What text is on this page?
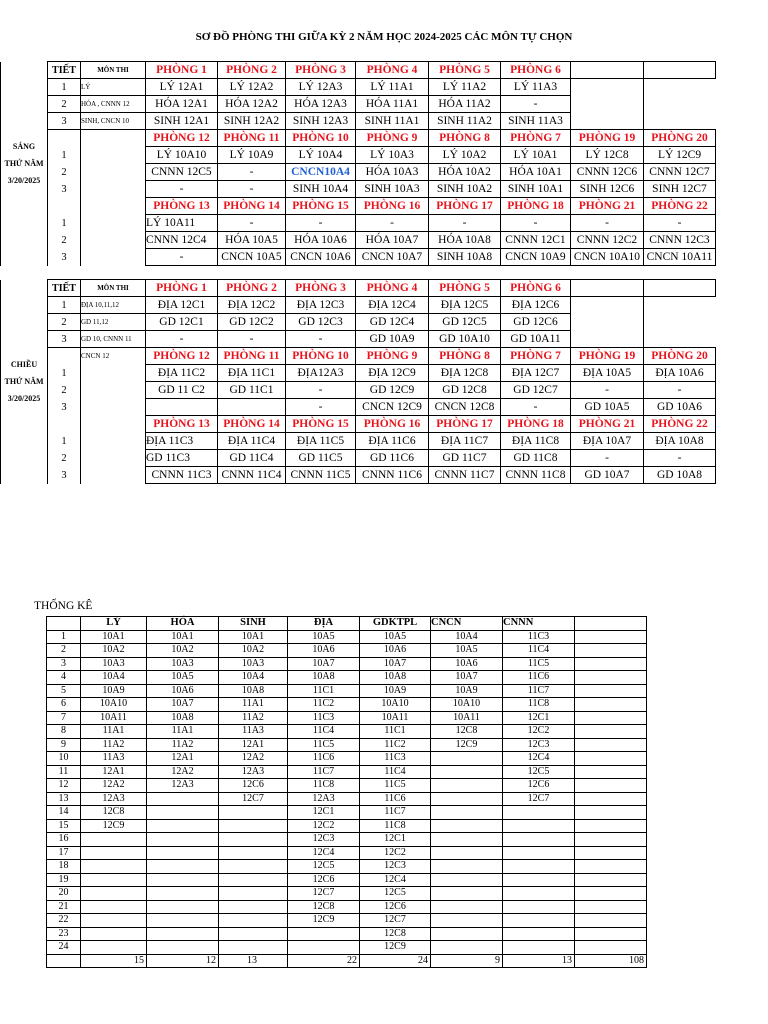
SƠ ĐỒ PHÒNG THI GIỮA KỲ 2 NĂM HỌC 2024-2025 CÁC MÔN TỰ CHỌN
	TIẾT	MÔN THI	PHÒNG 1	PHÒNG 2	PHÒNG 3	PHÒNG 4	PHÒNG 5	PHÒNG 6		
	1	LÝ	LÝ 12A1	LÝ 12A2	LÝ 12A3	LÝ 11A1	LÝ 11A2	LÝ 11A3		
	2	HÓA , CNNN 12	HÓA 12A1	HÓA 12A2	HÓA 12A3	HÓA 11A1	HÓA 11A2	-		
	3	SINH, CNCN 10	SINH 12A1	SINH 12A2	SINH 12A3	SINH 11A1	SINH 11A2	SINH 11A3		

SÁNG
THỨ NĂM
3/20/2025			PHÒNG 12	PHÒNG 11	PHÒNG 10	PHÒNG 9	PHÒNG 8	PHÒNG 7	PHÒNG 19	PHÒNG 20
	1		LÝ 10A10	LÝ 10A9	LÝ 10A4	LÝ 10A3	LÝ 10A2	LÝ 10A1	LÝ 12C8	LÝ 12C9
	2		CNNN 12C5	-	CNCN10A4	HÓA 10A3	HÓA 10A2	HÓA 10A1	CNNN 12C6	CNNN 12C7
	3		-	-	SINH 10A4	SINH 10A3	SINH 10A2	SINH 10A1	SINH 12C6	SINH 12C7
			PHÒNG 13	PHÒNG 14	PHÒNG 15	PHÒNG 16	PHÒNG 17	PHÒNG 18	PHÒNG 21	PHÒNG 22
	1		LÝ 10A11	-	-	-	-	-	-	-
	2		CNNN 12C4	HÓA 10A5	HÓA 10A6	HÓA 10A7	HÓA 10A8	CNNN 12C1	CNNN 12C2	CNNN 12C3
	3		-	CNCN 10A5	CNCN 10A6	CNCN 10A7	SINH 10A8	CNCN 10A9	CNCN 10A10	CNCN 10A11
	TIẾT	MÔN THI	PHÒNG 1	PHÒNG 2	PHÒNG 3	PHÒNG 4	PHÒNG 5	PHÒNG 6		
	1	ĐỊA 10,11,12	ĐỊA 12C1	ĐỊA 12C2	ĐỊA 12C3	ĐỊA 12C4	ĐỊA 12C5	ĐỊA 12C6		
	2	GD 11,12	GD 12C1	GD 12C2	GD 12C3	GD 12C4	GD 12C5	GD 12C6		
	3	GD 10, CNNN 11	-	-	-	GD 10A9	GD 10A10	GD 10A11		

CHIỀU
THỨ NĂM
3/20/2025		CNCN 12	PHÒNG 12	PHÒNG 11	PHÒNG 10	PHÒNG 9	PHÒNG 8	PHÒNG 7	PHÒNG 19	PHÒNG 20
	1		ĐỊA 11C2	ĐỊA 11C1	ĐỊA12A3	ĐỊA 12C9	ĐỊA 12C8	ĐỊA 12C7	ĐỊA 10A5	ĐỊA 10A6
	2		GD 11 C2	GD 11C1	-	GD 12C9	GD 12C8	GD 12C7	-	-
	3				-	CNCN 12C9	CNCN 12C8	-	GD 10A5	GD 10A6
			PHÒNG 13	PHÒNG 14	PHÒNG 15	PHÒNG 16	PHÒNG 17	PHÒNG 18	PHÒNG 21	PHÒNG 22
	1		ĐỊA 11C3	ĐỊA 11C4	ĐỊA 11C5	ĐỊA 11C6	ĐỊA 11C7	ĐỊA 11C8	ĐỊA 10A7	ĐỊA 10A8
	2		GD 11C3	GD 11C4	GD 11C5	GD 11C6	GD 11C7	GD 11C8	-	-
	3		CNNN 11C3	CNNN 11C4	CNNN 11C5	CNNN 11C6	CNNN 11C7	CNNN 11C8	GD 10A7	GD 10A8
THỐNG KÊ
	LÝ	HÓA	SINH	ĐỊA	GDKTPL	CNCN	CNNN	
1	10A1	10A1	10A1	10A5	10A5	10A4	11C3	
2	10A2	10A2	10A2	10A6	10A6	10A5	11C4	
3	10A3	10A3	10A3	10A7	10A7	10A6	11C5	
4	10A4	10A5	10A4	10A8	10A8	10A7	11C6	
5	10A9	10A6	10A8	11C1	10A9	10A9	11C7	
6	10A10	10A7	11A1	11C2	10A10	10A10	11C8	
7	10A11	10A8	11A2	11C3	10A11	10A11	12C1	
8	11A1	11A1	11A3	11C4	11C1	12C8	12C2	
9	11A2	11A2	12A1	11C5	11C2	12C9	12C3	
10	11A3	12A1	12A2	11C6	11C3		12C4	
11	12A1	12A2	12A3	11C7	11C4		12C5	
12	12A2	12A3	12C6	11C8	11C5		12C6	
13	12A3		12C7	12A3	11C6		12C7	
14	12C8			12C1	11C7			
15	12C9			12C2	11C8			
16				12C3	12C1			
17				12C4	12C2			
18				12C5	12C3			
19				12C6	12C4			
20				12C7	12C5			
21				12C8	12C6			
22				12C9	12C7			
23					12C8			
24					12C9			
	15	12	13	22	24	9	13	108
